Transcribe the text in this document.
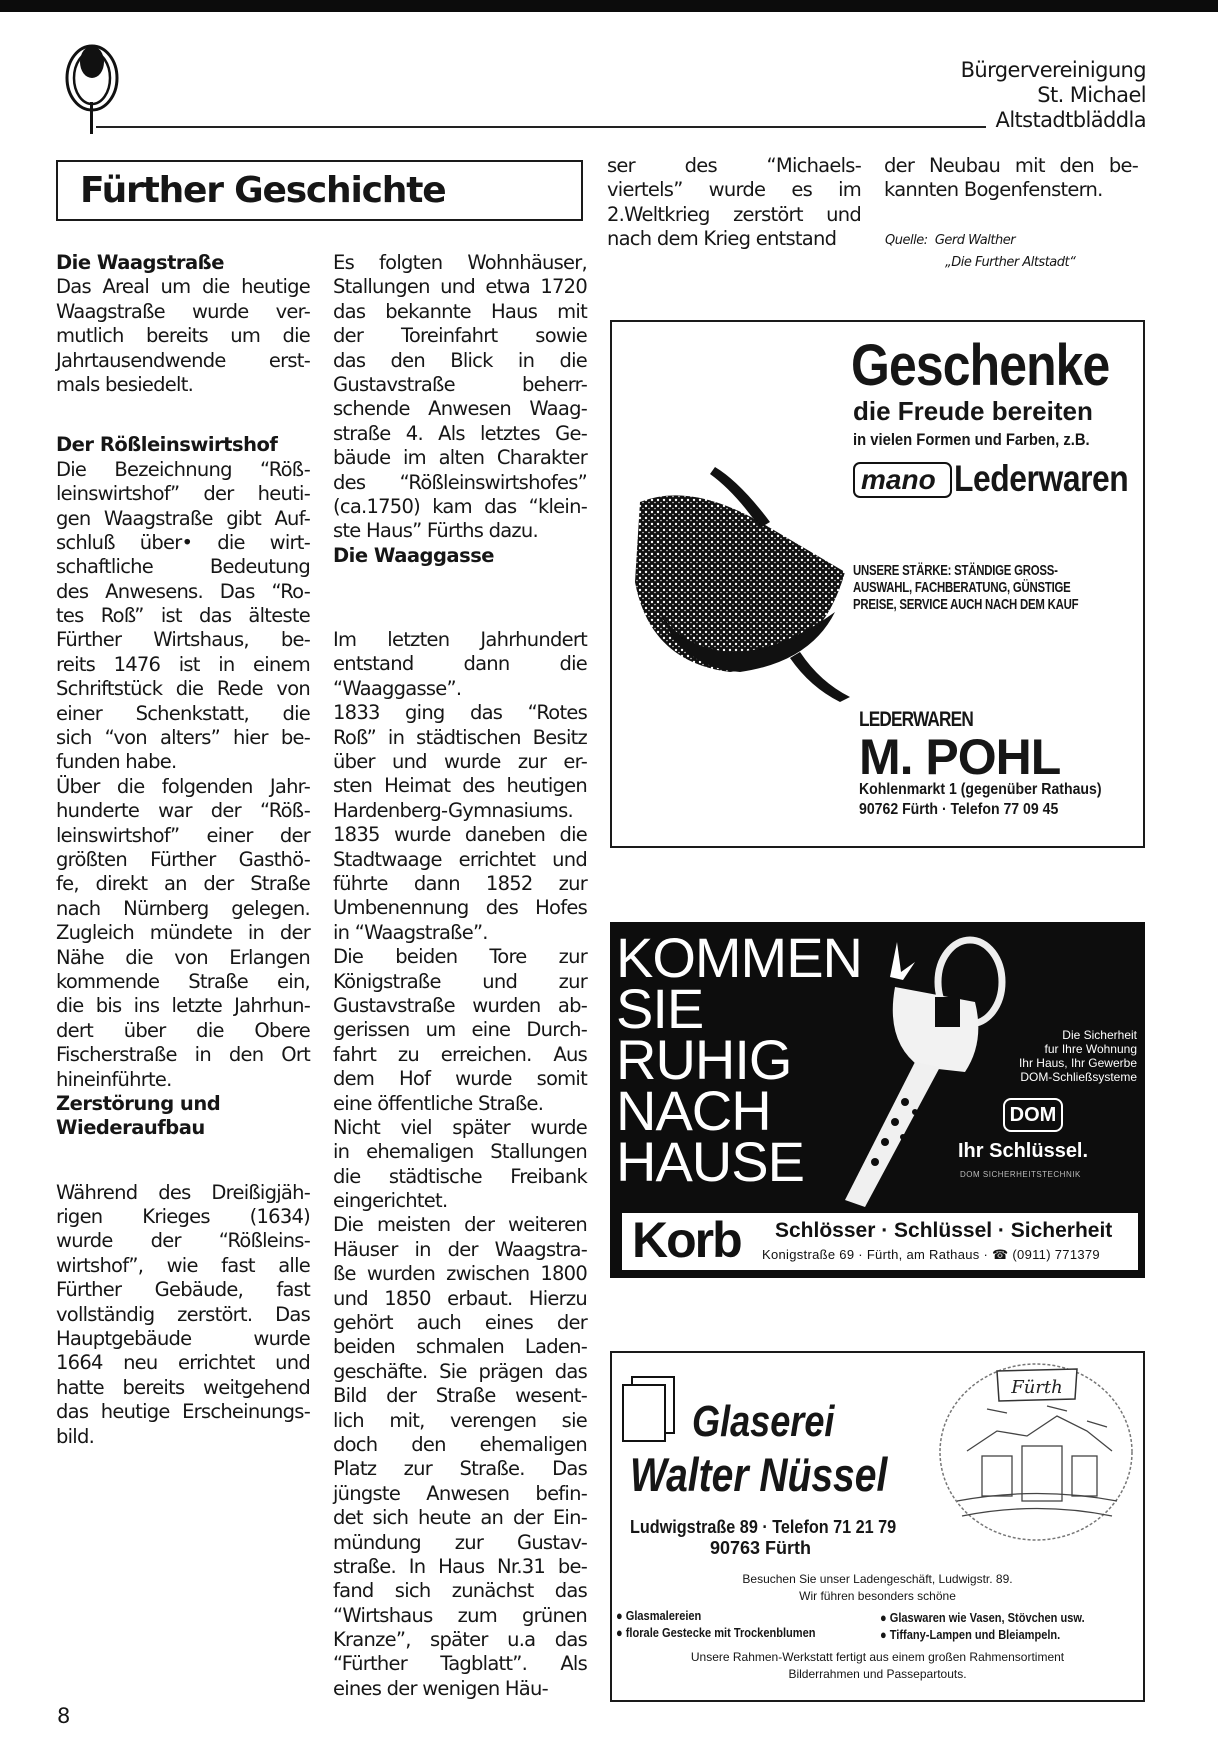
Bürgervereinigung
St. Michael
Altstadtbläddla
Fürther Geschichte
Die Waagstraße
Das Areal um die heutige
Waagstraße wurde ver-
mutlich bereits um die
Jahrtausendwende erst-
mals besiedelt.
Der Rößleinswirtshof
Die Bezeichnung “Röß-
leinswirtshof” der heuti-
gen Waagstraße gibt Auf-
schluß über• die wirt-
schaftliche Bedeutung
des Anwesens. Das “Ro-
tes Roß” ist das älteste
Fürther Wirtshaus, be-
reits 1476 ist in einem
Schriftstück die Rede von
einer Schenkstatt, die
sich “von alters” hier be-
funden habe.
Über die folgenden Jahr-
hunderte war der “Röß-
leinswirtshof” einer der
größten Fürther Gasthö-
fe, direkt an der Straße
nach Nürnberg gelegen.
Zugleich mündete in der
Nähe die von Erlangen
kommende Straße ein,
die bis ins letzte Jahrhun-
dert über die Obere
Fischerstraße in den Ort
hineinführte.
Zerstörung und
Wiederaufbau
Während des Dreißigjäh-
rigen Krieges (1634)
wurde der “Rößleins-
wirtshof”, wie fast alle
Fürther Gebäude, fast
vollständig zerstört. Das
Hauptgebäude wurde
1664 neu errichtet und
hatte bereits weitgehend
das heutige Erscheinungs-
bild.
Es folgten Wohnhäuser,
Stallungen und etwa 1720
das bekannte Haus mit
der Toreinfahrt sowie
das den Blick in die
Gustavstraße beherr-
schende Anwesen Waag-
straße 4. Als letztes Ge-
bäude im alten Charakter
des “Rößleinswirtshofes”
(ca.1750) kam das “klein-
ste Haus” Fürths dazu.
Die Waaggasse
Im letzten Jahrhundert
entstand dann die
“Waaggasse”.
1833 ging das “Rotes
Roß” in städtischen Besitz
über und wurde zur er-
sten Heimat des heutigen
Hardenberg-Gymnasiums.
1835 wurde daneben die
Stadtwaage errichtet und
führte dann 1852 zur
Umbenennung des Hofes
in “Waagstraße”.
Die beiden Tore zur
Königstraße und zur
Gustavstraße wurden ab-
gerissen um eine Durch-
fahrt zu erreichen. Aus
dem Hof wurde somit
eine öffentliche Straße.
Nicht viel später wurde
in ehemaligen Stallungen
die städtische Freibank
eingerichtet.
Die meisten der weiteren
Häuser in der Waagstra-
ße wurden zwischen 1800
und 1850 erbaut. Hierzu
gehört auch eines der
beiden schmalen Laden-
geschäfte. Sie prägen das
Bild der Straße wesent-
lich mit, verengen sie
doch den ehemaligen
Platz zur Straße. Das
jüngste Anwesen befin-
det sich heute an der Ein-
mündung zur Gustav-
straße. In Haus Nr.31 be-
fand sich zunächst das
“Wirtshaus zum grünen
Kranze”, später u.a das
“Fürther Tagblatt”. Als
eines der wenigen Häu-
ser des “Michaels-
viertels” wurde es im
2.Weltkrieg zerstört und
nach dem Krieg entstand
der Neubau mit den be-
kannten Bogenfenstern.
Quelle: Gerd Walther
„Die Further Altstadt“
8
Geschenke
die Freude bereiten
in vielen Formen und Farben, z.B.
mano Lederwaren
UNSERE STÄRKE: STÄNDIGE GROSS-
AUSWAHL, FACHBERATUNG, GÜNSTIGE
PREISE, SERVICE AUCH NACH DEM KAUF
LEDERWAREN
M. POHL
Kohlenmarkt 1 (gegenüber Rathaus)
90762 Fürth · Telefon 77 09 45
KOMMEN
SIE
RUHIG
NACH
HAUSE
Die Sicherheit
fur Ihre Wohnung
Ihr Haus, Ihr Gewerbe
DOM-Schließsysteme
DOM
Ihr Schlüssel.
DOM SICHERHEITSTECHNIK
Korb Schlösser · Schlüssel · Sicherheit
Konigstraße 69 · Fürth, am Rathaus · ☎ (0911) 771379
Glaserei
Walter Nüssel
Ludwigstraße 89 · Telefon 71 21 79
90763 Fürth
Fürth
Besuchen Sie unser Ladengeschäft, Ludwigstr. 89.
Wir führen besonders schöne
● Glasmalereien
● florale Gestecke mit Trockenblumen
● Glaswaren wie Vasen, Stövchen usw.
● Tiffany-Lampen und Bleiampeln.
Unsere Rahmen-Werkstatt fertigt aus einem großen Rahmensortiment
Bilderrahmen und Passepartouts.
